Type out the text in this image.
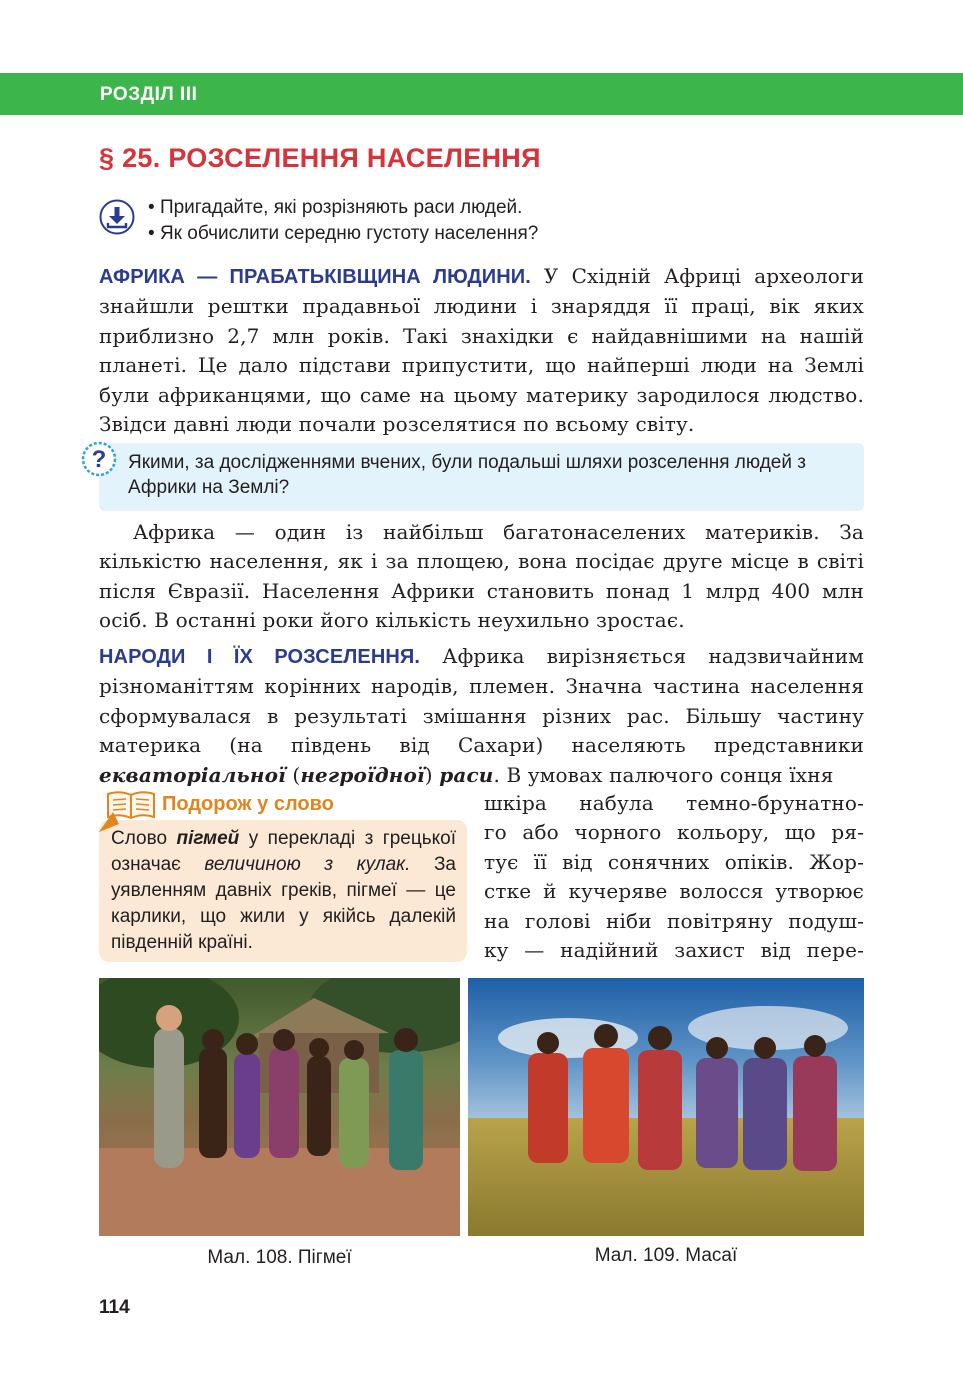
РОЗДІЛ ІІІ
§ 25. РОЗСЕЛЕННЯ НАСЕЛЕННЯ
• Пригадайте, які розрізняють раси людей.
• Як обчислити середню густоту населення?

АФРИКА — ПРАБАТЬКІВЩИНА ЛЮДИНИ. У Східній Африці археологи знайшли рештки прадавньої людини і знаряддя її праці, вік яких приблизно 2,7 млн років. Такі знахідки є найдавнішими на нашій планеті. Це дало підстави припустити, що найперші люди на Землі були африканцями, що саме на цьому материку зародилося людство. Звідси давні люди почали розселятися по всьому світу.

? Якими, за дослідженнями вчених, були подальші шляхи розселення людей з Африки на Землі?

Африка — один із найбільш багатонаселених материків. За кількістю населення, як і за площею, вона посідає друге місце в світі після Євразії. Населення Африки становить понад 1 млрд 400 млн осіб. В останні роки його кількість неухильно зростає.

НАРОДИ І ЇХ РОЗСЕЛЕННЯ. Африка вирізняється надзвичайним різноманіттям корінних народів, племен. Значна частина населення сформувалася в результаті змішання різних рас. Більшу частину материка (на південь від Сахари) населяють представники екваторіальної (негроїдної) раси. В умовах палючого сонця їхня

Подорож у слово

Слово пігмей у перекладі з грецької означає величиною з кулак. За уявленням давніх греків, пігмеї — це карлики, що жили у якійсь далекій південній країні.

шкіра набула темно-брунатно-
го або чорного кольору, що ря-
тує її від сонячних опіків. Жор-
стке й кучеряве волосся утворює
на голові ніби повітряну подуш-
ку — надійний захист від пере-
Мал. 108. Пігмеї	Мал. 109. Масаї
114
